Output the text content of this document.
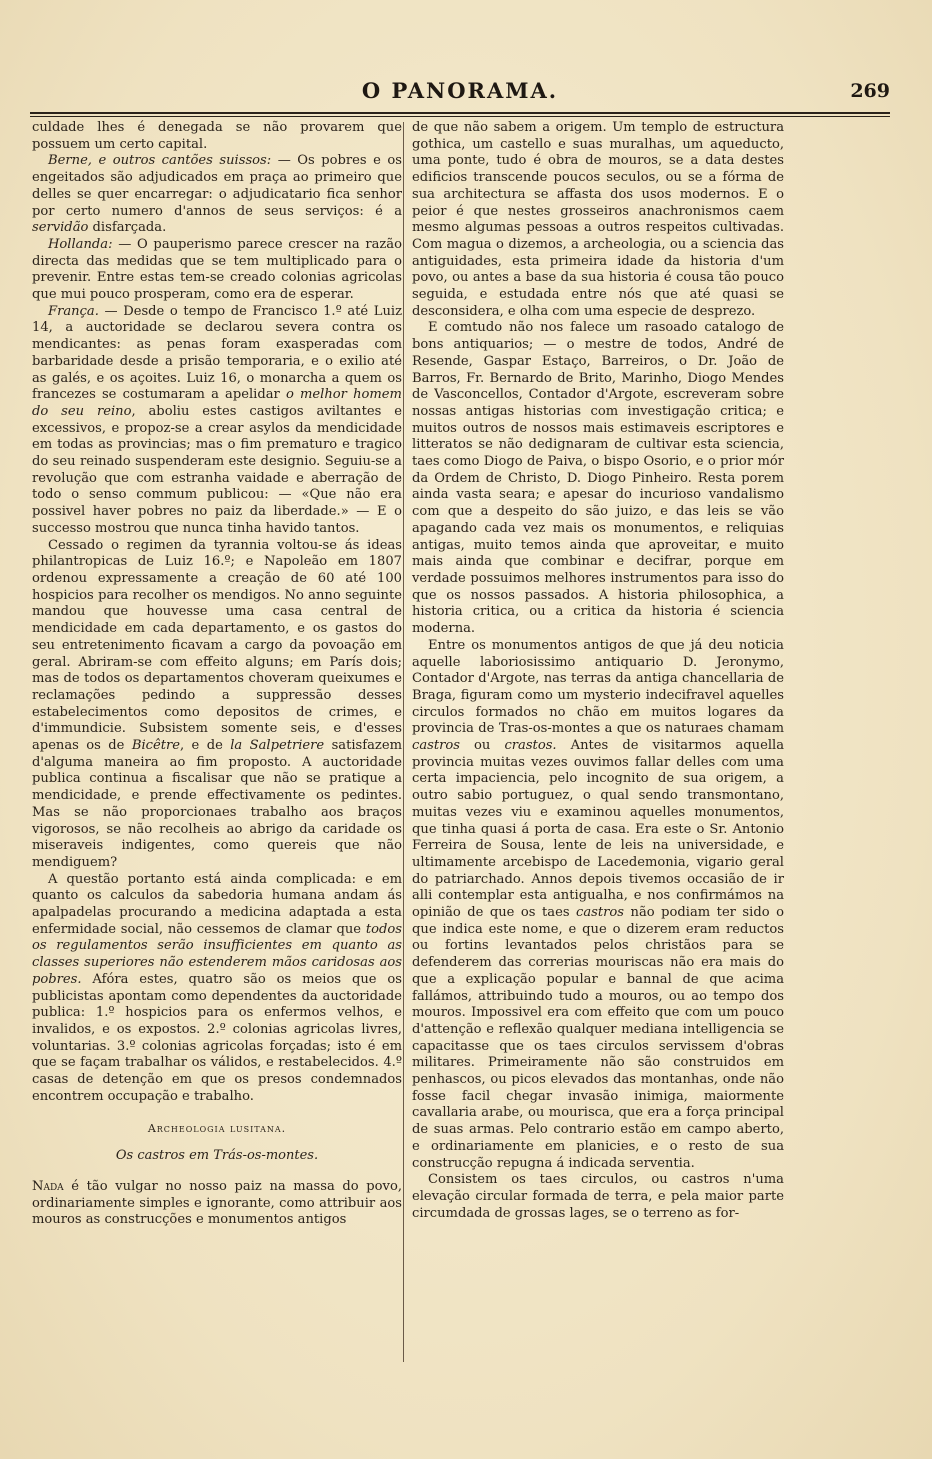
O PANORAMA.	269

culdade lhes é denegada se não provarem que possuem um certo capital.

Berne, e outros cantões suissos: — Os pobres e os engeitados são adjudicados em praça ao primeiro que delles se quer encarregar: o adjudicatario fica senhor por certo numero d'annos de seus serviços: é a servidão disfarçada.

Hollanda: — O pauperismo parece crescer na razão directa das medidas que se tem multiplicado para o prevenir. Entre estas tem-se creado colonias agricolas que mui pouco prosperam, como era de esperar.

França. — Desde o tempo de Francisco 1.º até Luiz 14, a auctoridade se declarou severa contra os mendicantes: as penas foram exasperadas com barbaridade desde a prisão temporaria, e o exilio até as galés, e os açoites. Luiz 16, o monarcha a quem os francezes se costumaram a apelidar o melhor homem do seu reino, aboliu estes castigos aviltantes e excessivos, e propoz-se a crear asylos da mendicidade em todas as provincias; mas o fim prematuro e tragico do seu reinado suspenderam este designio. Seguiu-se a revolução que com estranha vaidade e aberração de todo o senso commum publicou: — «Que não era possivel haver pobres no paiz da liberdade.» — E o successo mostrou que nunca tinha havido tantos.

Cessado o regimen da tyrannia voltou-se ás ideas philantropicas de Luiz 16.º; e Napoleão em 1807 ordenou expressamente a creação de 60 até 100 hospicios para recolher os mendigos. No anno seguinte mandou que houvesse uma casa central de mendicidade em cada departamento, e os gastos do seu entretenimento ficavam a cargo da povoação em geral. Abriram-se com effeito alguns; em París dois; mas de todos os departamentos choveram queixumes e reclamações pedindo a suppressão desses estabelecimentos como depositos de crimes, e d'immundicie. Subsistem somente seis, e d'esses apenas os de Bicêtre, e de la Salpetriere satisfazem d'alguma maneira ao fim proposto. A auctoridade publica continua a fiscalisar que não se pratique a mendicidade, e prende effectivamente os pedintes. Mas se não proporcionaes trabalho aos braços vigorosos, se não recolheis ao abrigo da caridade os miseraveis indigentes, como quereis que não mendiguem?

A questão portanto está ainda complicada: e em quanto os calculos da sabedoria humana andam ás apalpadelas procurando a medicina adaptada a esta enfermidade social, não cessemos de clamar que todos os regulamentos serão insufficientes em quanto as classes superiores não estenderem mãos caridosas aos pobres. Afóra estes, quatro são os meios que os publicistas apontam como dependentes da auctoridade publica: 1.º hospicios para os enfermos velhos, e invalidos, e os expostos. 2.º colonias agricolas livres, voluntarias. 3.º colonias agricolas forçadas; isto é em que se façam trabalhar os válidos, e restabelecidos. 4.º casas de detenção em que os presos condemnados encontrem occupação e trabalho.

Archeologia lusitana.
Os castros em Trás-os-montes.

Nada é tão vulgar no nosso paiz na massa do povo, ordinariamente simples e ignorante, como attribuir aos mouros as construcções e monumentos antigos

de que não sabem a origem. Um templo de estructura gothica, um castello e suas muralhas, um aqueducto, uma ponte, tudo é obra de mouros, se a data destes edificios transcende poucos seculos, ou se a fórma de sua architectura se affasta dos usos modernos. E o peior é que nestes grosseiros anachronismos caem mesmo algumas pessoas a outros respeitos cultivadas. Com magua o dizemos, a archeologia, ou a sciencia das antiguidades, esta primeira idade da historia d'um povo, ou antes a base da sua historia é cousa tão pouco seguida, e estudada entre nós que até quasi se desconsidera, e olha com uma especie de desprezo.

E comtudo não nos falece um rasoado catalogo de bons antiquarios; — o mestre de todos, André de Resende, Gaspar Estaço, Barreiros, o Dr. João de Barros, Fr. Bernardo de Brito, Marinho, Diogo Mendes de Vasconcellos, Contador d'Argote, escreveram sobre nossas antigas historias com investigação critica; e muitos outros de nossos mais estimaveis escriptores e litteratos se não dedignaram de cultivar esta sciencia, taes como Diogo de Paiva, o bispo Osorio, e o prior mór da Ordem de Christo, D. Diogo Pinheiro. Resta porem ainda vasta seara; e apesar do incurioso vandalismo com que a despeito do são juizo, e das leis se vão apagando cada vez mais os monumentos, e reliquias antigas, muito temos ainda que aproveitar, e muito mais ainda que combinar e decifrar, porque em verdade possuimos melhores instrumentos para isso do que os nossos passados. A historia philosophica, a historia critica, ou a critica da historia é sciencia moderna.

Entre os monumentos antigos de que já deu noticia aquelle laboriosissimo antiquario D. Jeronymo, Contador d'Argote, nas terras da antiga chancellaria de Braga, figuram como um mysterio indecifravel aquelles circulos formados no chão em muitos logares da provincia de Tras-os-montes a que os naturaes chamam castros ou crastos. Antes de visitarmos aquella provincia muitas vezes ouvimos fallar delles com uma certa impaciencia, pelo incognito de sua origem, a outro sabio portuguez, o qual sendo transmontano, muitas vezes viu e examinou aquelles monumentos, que tinha quasi á porta de casa. Era este o Sr. Antonio Ferreira de Sousa, lente de leis na universidade, e ultimamente arcebispo de Lacedemonia, vigario geral do patriarchado. Annos depois tivemos occasião de ir alli contemplar esta antigualha, e nos confirmámos na opinião de que os taes castros não podiam ter sido o que indica este nome, e que o dizerem eram reductos ou fortins levantados pelos christãos para se defenderem das correrias mouriscas não era mais do que a explicação popular e bannal de que acima fallámos, attribuindo tudo a mouros, ou ao tempo dos mouros. Impossivel era com effeito que com um pouco d'attenção e reflexão qualquer mediana intelligencia se capacitasse que os taes circulos servissem d'obras militares. Primeiramente não são construidos em penhascos, ou picos elevados das montanhas, onde não fosse facil chegar invasão inimiga, maiormente cavallaria arabe, ou mourisca, que era a força principal de suas armas. Pelo contrario estão em campo aberto, e ordinariamente em planicies, e o resto de sua construcção repugna á indicada serventia.

Consistem os taes circulos, ou castros n'uma elevação circular formada de terra, e pela maior parte circumdada de grossas lages, se o terreno as for-
